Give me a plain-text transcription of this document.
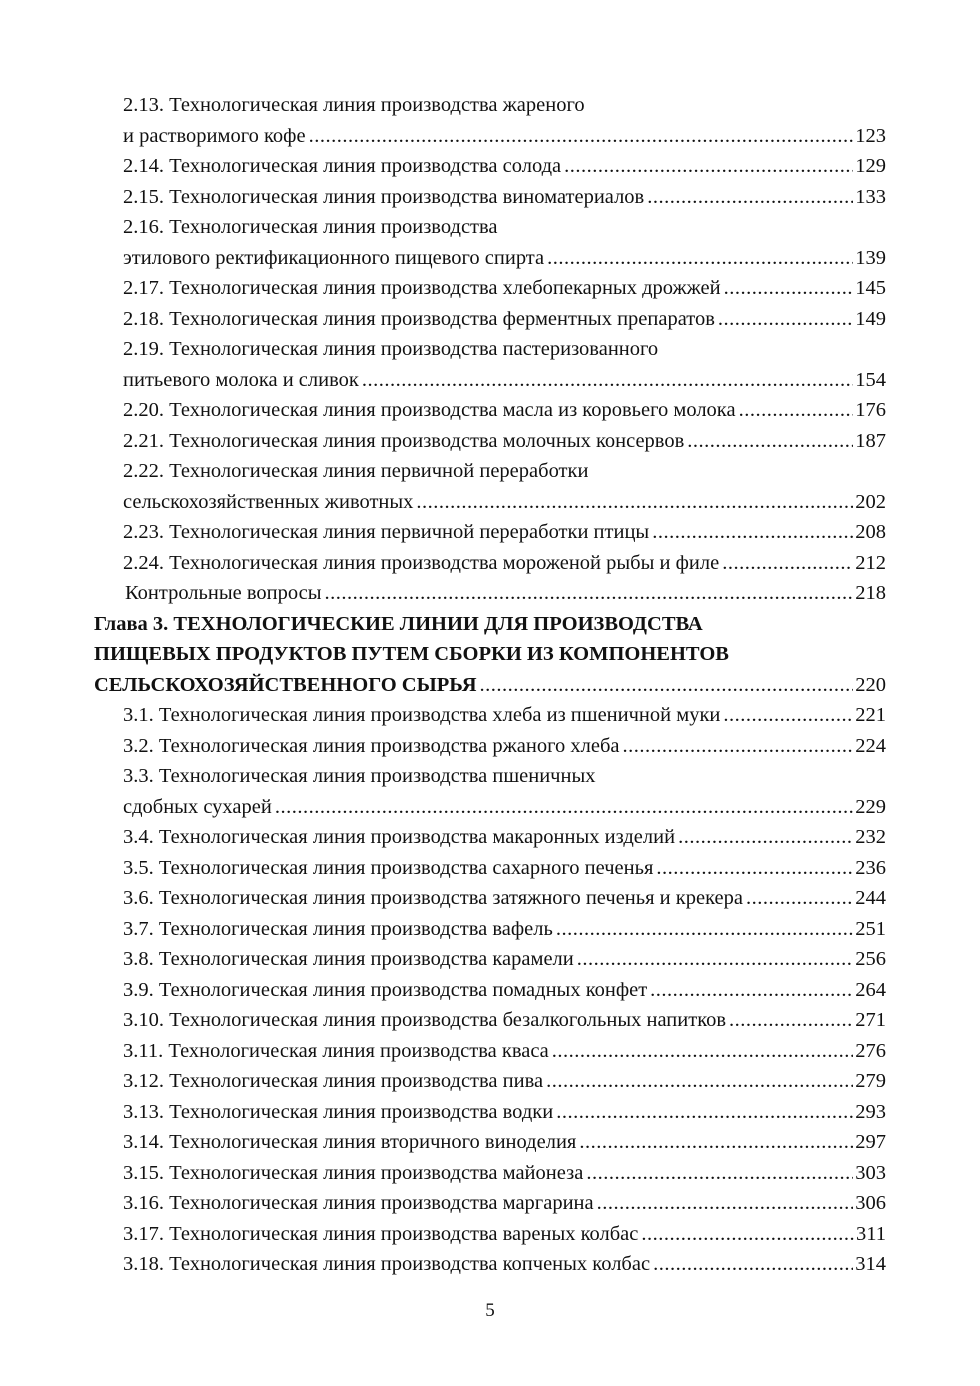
2.13. Технологическая линия производства жареного
и растворимого кофе .....	123
2.14. Технологическая линия производства солода .....	129
2.15. Технологическая линия производства виноматериалов .....	133
2.16. Технологическая линия производства
этилового ректификационного пищевого спирта .....	139
2.17. Технологическая линия производства хлебопекарных дрожжей .....	145
2.18. Технологическая линия производства ферментных препаратов .....	149
2.19. Технологическая линия производства пастеризованного
питьевого молока и сливок .....	154
2.20. Технологическая линия производства масла из коровьего молока .....	176
2.21. Технологическая линия производства молочных консервов .....	187
2.22. Технологическая линия первичной переработки
сельскохозяйственных животных .....	202
2.23. Технологическая линия первичной переработки птицы .....	208
2.24. Технологическая линия производства мороженой рыбы и филе .....	212
Контрольные вопросы .....	218
Глава 3. ТЕХНОЛОГИЧЕСКИЕ ЛИНИИ ДЛЯ ПРОИЗВОДСТВА
ПИЩЕВЫХ ПРОДУКТОВ ПУТЕМ СБОРКИ ИЗ КОМПОНЕНТОВ
СЕЛЬСКОХОЗЯЙСТВЕННОГО СЫРЬЯ .....	220
3.1. Технологическая линия производства хлеба из пшеничной муки .....	221
3.2. Технологическая линия производства ржаного хлеба .....	224
3.3. Технологическая линия производства пшеничных
сдобных сухарей .....	229
3.4. Технологическая линия производства макаронных изделий .....	232
3.5. Технологическая линия производства сахарного печенья .....	236
3.6. Технологическая линия производства затяжного печенья и крекера .....	244
3.7. Технологическая линия производства вафель .....	251
3.8. Технологическая линия производства карамели .....	256
3.9. Технологическая линия производства помадных конфет .....	264
3.10. Технологическая линия производства безалкогольных напитков .....	271
3.11. Технологическая линия производства кваса .....	276
3.12. Технологическая линия производства пива .....	279
3.13. Технологическая линия производства водки .....	293
3.14. Технологическая линия вторичного виноделия .....	297
3.15. Технологическая линия производства майонеза .....	303
3.16. Технологическая линия производства маргарина .....	306
3.17. Технологическая линия производства вареных колбас .....	311
3.18. Технологическая линия производства копченых колбас .....	314
5
